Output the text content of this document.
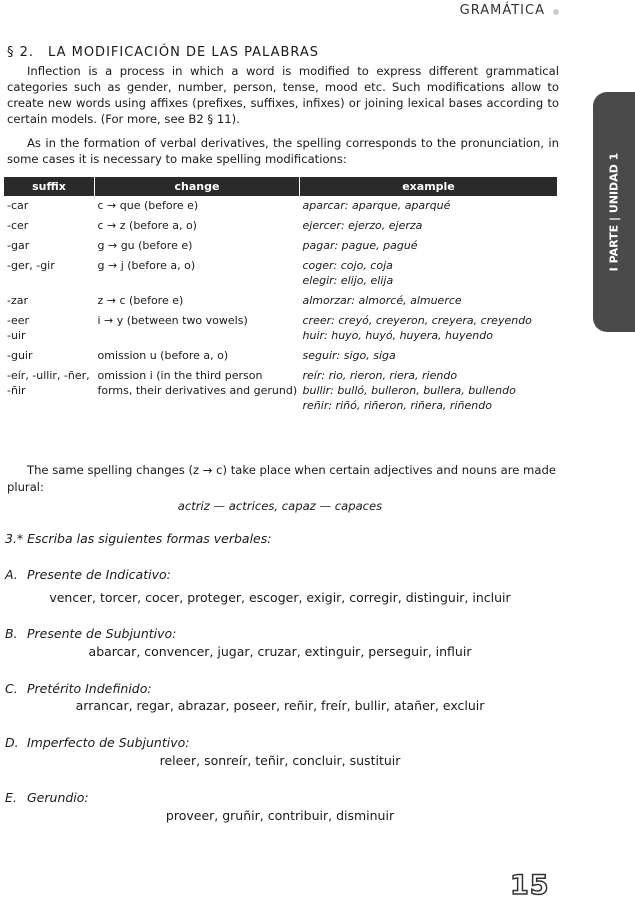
GRAMÁTICA
I PARTE | UNIDAD 1
§ 2. LA MODIFICACIÓN DE LAS PALABRAS
Inflection is a process in which a word is modified to express different grammatical categories such as gender, number, person, tense, mood etc. Such modifications allow to create new words using affixes (prefixes, suffixes, infixes) or joining lexical bases according to certain models. (For more, see B2 § 11).
As in the formation of verbal derivatives, the spelling corresponds to the pronunciation, in some cases it is necessary to make spelling modifications:
suffix	change	example
-car	c → que (before e)	aparcar: aparque, aparqué
-cer	c → z (before a, o)	ejercer: ejerzo, ejerza
-gar	g → gu (before e)	pagar: pague, pagué
-ger, -gir	g → j (before a, o)	coger: cojo, coja
elegir: elijo, elija
-zar	z → c (before e)	almorzar: almorcé, almuerce
-eer
-uir	i → y (between two vowels)	creer: creyó, creyeron, creyera, creyendo
huir: huyo, huyó, huyera, huyendo
-guir	omission u (before a, o)	seguir: sigo, siga
-eír, -ullir, -ñer,
-ñir	omission i (in the third person forms, their derivatives and gerund)	reír: rio, rieron, riera, riendo
bullir: bulló, bulleron, bullera, bullendo
reñir: riñó, riñeron, riñera, riñendo
The same spelling changes (z → c) take place when certain adjectives and nouns are made plural:
actriz — actrices, capaz — capaces
3.* Escriba las siguientes formas verbales:
A. Presente de Indicativo:
vencer, torcer, cocer, proteger, escoger, exigir, corregir, distinguir, incluir
B. Presente de Subjuntivo:
abarcar, convencer, jugar, cruzar, extinguir, perseguir, influir
C. Pretérito Indefinido:
arrancar, regar, abrazar, poseer, reñir, freír, bullir, atañer, excluir
D. Imperfecto de Subjuntivo:
releer, sonreír, teñir, concluir, sustituir
E. Gerundio:
proveer, gruñir, contribuir, disminuir
15
